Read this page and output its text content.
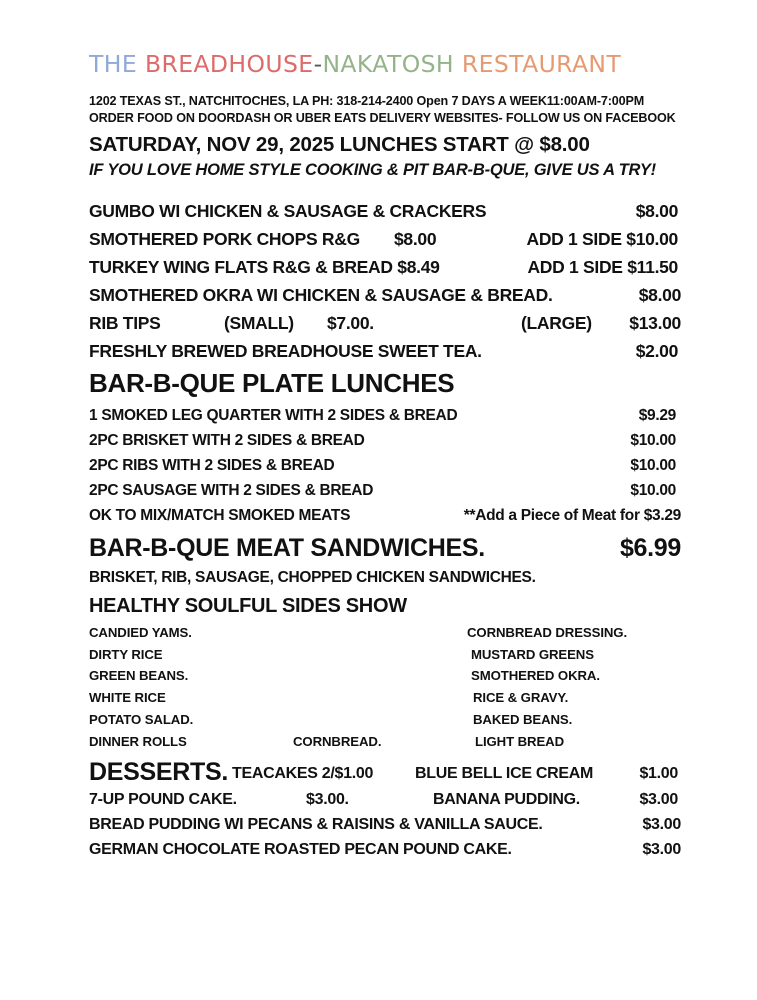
THE BREADHOUSE-NAKATOSH RESTAURANT
1202 TEXAS ST., NATCHITOCHES, LA PH: 318-214-2400 Open 7 DAYS A WEEK11:00AM-7:00PM
ORDER FOOD ON DOORDASH OR UBER EATS DELIVERY WEBSITES- FOLLOW US ON FACEBOOK
SATURDAY, NOV 29, 2025 LUNCHES START @ $8.00
IF YOU LOVE HOME STYLE COOKING & PIT BAR-B-QUE, GIVE US A TRY!
GUMBO WI CHICKEN & SAUSAGE & CRACKERS	$8.00
SMOTHERED PORK CHOPS R&G $8.00	ADD 1 SIDE $10.00
TURKEY WING FLATS R&G & BREAD $8.49	ADD 1 SIDE $11.50
SMOTHERED OKRA WI CHICKEN & SAUSAGE & BREAD.	$8.00
RIB TIPS	(SMALL) $7.00.	(LARGE) $13.00
FRESHLY BREWED BREADHOUSE SWEET TEA.	$2.00
BAR-B-QUE PLATE LUNCHES
1 SMOKED LEG QUARTER WITH 2 SIDES & BREAD	$9.29
2PC BRISKET WITH 2 SIDES & BREAD	$10.00
2PC RIBS WITH 2 SIDES & BREAD	$10.00
2PC SAUSAGE WITH 2 SIDES & BREAD	$10.00
OK TO MIX/MATCH SMOKED MEATS	**Add a Piece of Meat for $3.29
BAR-B-QUE MEAT SANDWICHES.	$6.99
BRISKET, RIB, SAUSAGE, CHOPPED CHICKEN SANDWICHES.
HEALTHY SOULFUL SIDES SHOW
CANDIED YAMS.	CORNBREAD DRESSING.
DIRTY RICE	MUSTARD GREENS
GREEN BEANS.	SMOTHERED OKRA.
WHITE RICE	RICE & GRAVY.
POTATO SALAD.	BAKED BEANS.
DINNER ROLLS	CORNBREAD.	LIGHT BREAD
DESSERTS. TEACAKES 2/$1.00	BLUE BELL ICE CREAM	$1.00
7-UP POUND CAKE.	$3.00.	BANANA PUDDING.	$3.00
BREAD PUDDING WI PECANS & RAISINS & VANILLA SAUCE.	$3.00
GERMAN CHOCOLATE ROASTED PECAN POUND CAKE.	$3.00
